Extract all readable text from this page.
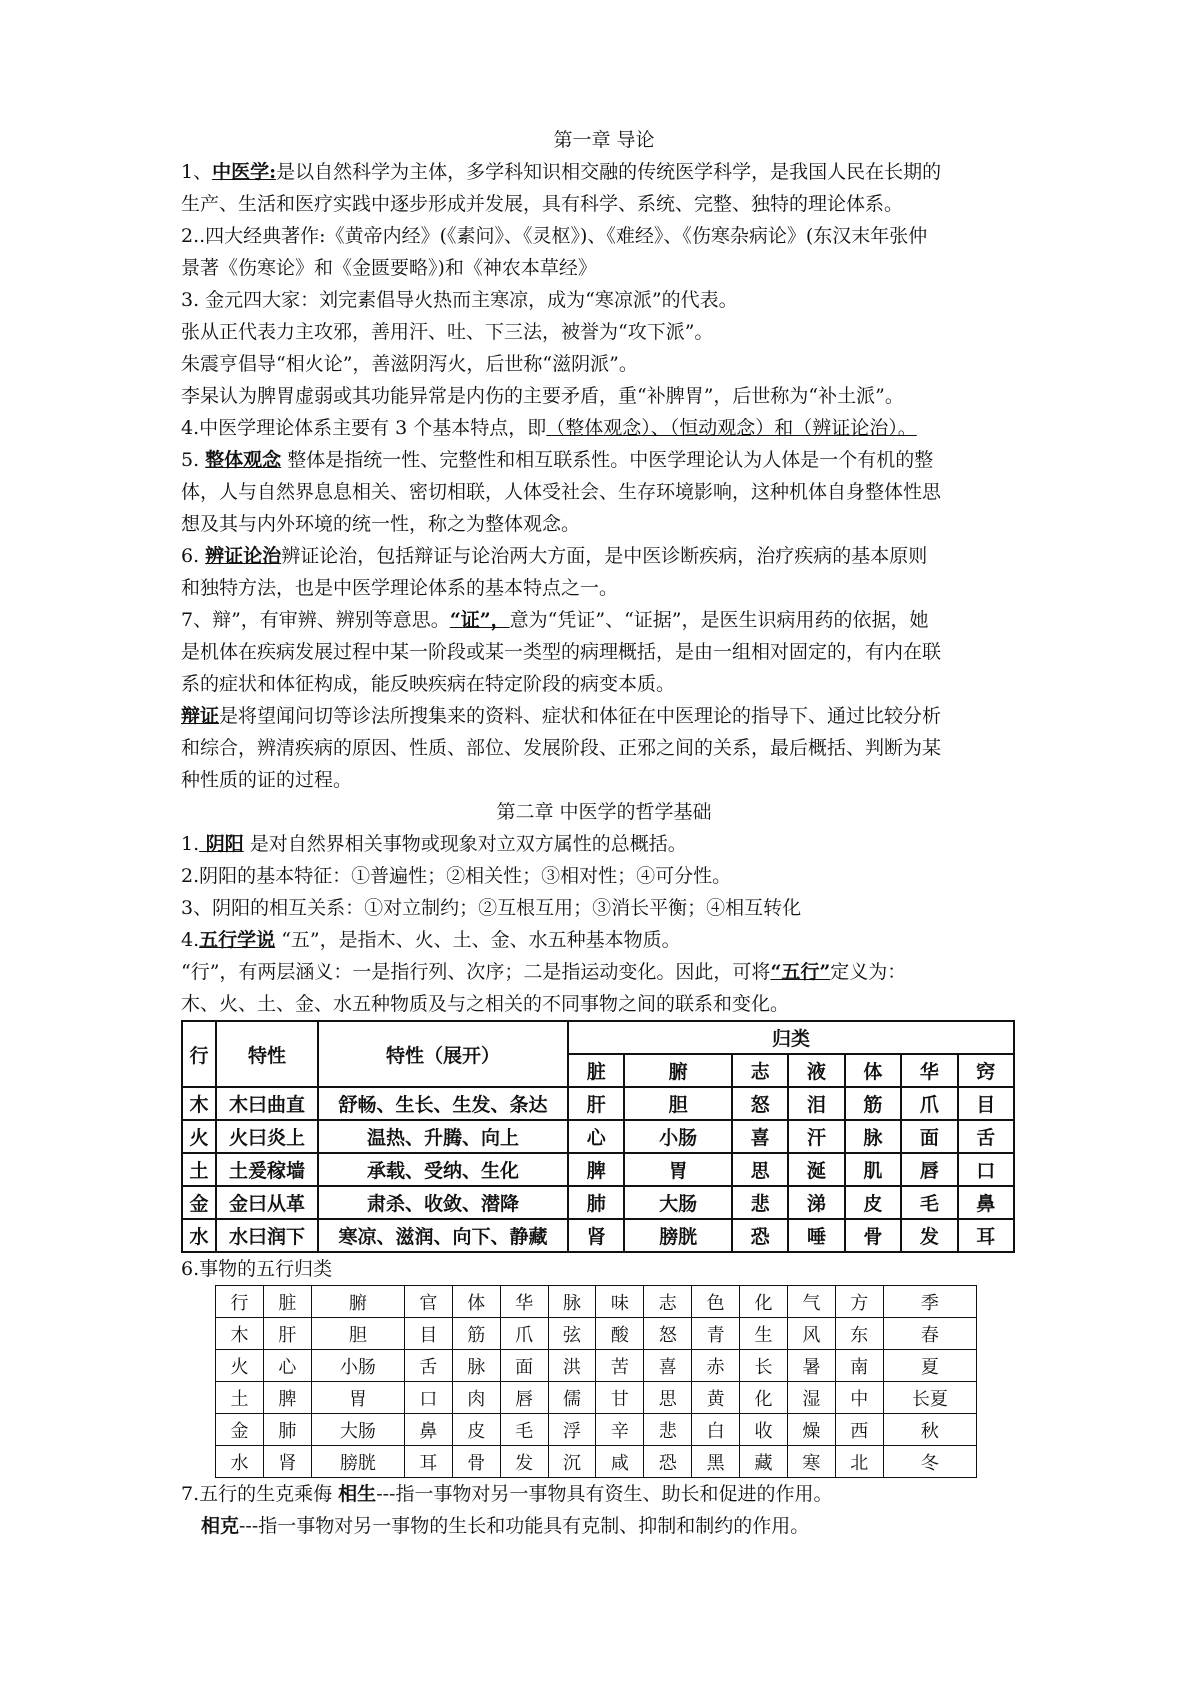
第一章 导论
1、中医学:是以自然科学为主体，多学科知识相交融的传统医学科学，是我国人民在长期的
生产、生活和医疗实践中逐步形成并发展，具有科学、系统、完整、独特的理论体系。
2..四大经典著作:《黄帝内经》(《素问》、《灵枢》)、《难经》、《伤寒杂病论》(东汉末年张仲
景著《伤寒论》和《金匮要略》)和《神农本草经》
3. 金元四大家：刘完素倡导火热而主寒凉，成为“寒凉派”的代表。
张从正代表力主攻邪，善用汗、吐、下三法，被誉为“攻下派”。
朱震亨倡导“相火论”，善滋阴泻火，后世称“滋阴派”。
李杲认为脾胃虚弱或其功能异常是内伤的主要矛盾，重“补脾胃”，后世称为“补土派”。
4.中医学理论体系主要有 3 个基本特点，即（整体观念）、（恒动观念）和（辨证论治）。
5. 整体观念 整体是指统一性、完整性和相互联系性。中医学理论认为人体是一个有机的整
体，人与自然界息息相关、密切相联，人体受社会、生存环境影响，这种机体自身整体性思
想及其与内外环境的统一性，称之为整体观念。
6. 辨证论治辨证论治，包括辩证与论治两大方面，是中医诊断疾病，治疗疾病的基本原则
和独特方法，也是中医学理论体系的基本特点之一。
7、辩”，有审辨、辨别等意思。“证”，意为“凭证”、“证据”，是医生识病用药的依据，她
是机体在疾病发展过程中某一阶段或某一类型的病理概括，是由一组相对固定的，有内在联
系的症状和体征构成，能反映疾病在特定阶段的病变本质。
辩证是将望闻问切等诊法所搜集来的资料、症状和体征在中医理论的指导下、通过比较分析
和综合，辨清疾病的原因、性质、部位、发展阶段、正邪之间的关系，最后概括、判断为某
种性质的证的过程。
第二章 中医学的哲学基础
1. 阴阳 是对自然界相关事物或现象对立双方属性的总概括。
2.阴阳的基本特征：①普遍性；②相关性；③相对性；④可分性。
3、阴阳的相互关系：①对立制约；②互根互用；③消长平衡；④相互转化
4.五行学说 “五”，是指木、火、土、金、水五种基本物质。
“行”，有两层涵义：一是指行列、次序；二是指运动变化。因此，可将“五行”定义为：
木、火、土、金、水五种物质及与之相关的不同事物之间的联系和变化。
行	特性	特性（展开）	归类						
			脏	腑	志	液	体	华	窍
木	木曰曲直	舒畅、生长、生发、条达	肝	胆	怒	泪	筋	爪	目
火	火曰炎上	温热、升腾、向上	心	小肠	喜	汗	脉	面	舌
土	土爰稼墙	承载、受纳、生化	脾	胃	思	涎	肌	唇	口
金	金曰从革	肃杀、收敛、潜降	肺	大肠	悲	涕	皮	毛	鼻
水	水曰润下	寒凉、滋润、向下、静藏	肾	膀胱	恐	唾	骨	发	耳
6.事物的五行归类
行	脏	腑	官	体	华	脉	味	志	色	化	气	方	季
木	肝	胆	目	筋	爪	弦	酸	怒	青	生	风	东	春
火	心	小肠	舌	脉	面	洪	苦	喜	赤	长	暑	南	夏
土	脾	胃	口	肉	唇	儒	甘	思	黄	化	湿	中	长夏
金	肺	大肠	鼻	皮	毛	浮	辛	悲	白	收	燥	西	秋
水	肾	膀胱	耳	骨	发	沉	咸	恐	黑	藏	寒	北	冬
7.五行的生克乘侮 相生---指一事物对另一事物具有资生、助长和促进的作用。
相克---指一事物对另一事物的生长和功能具有克制、抑制和制约的作用。
